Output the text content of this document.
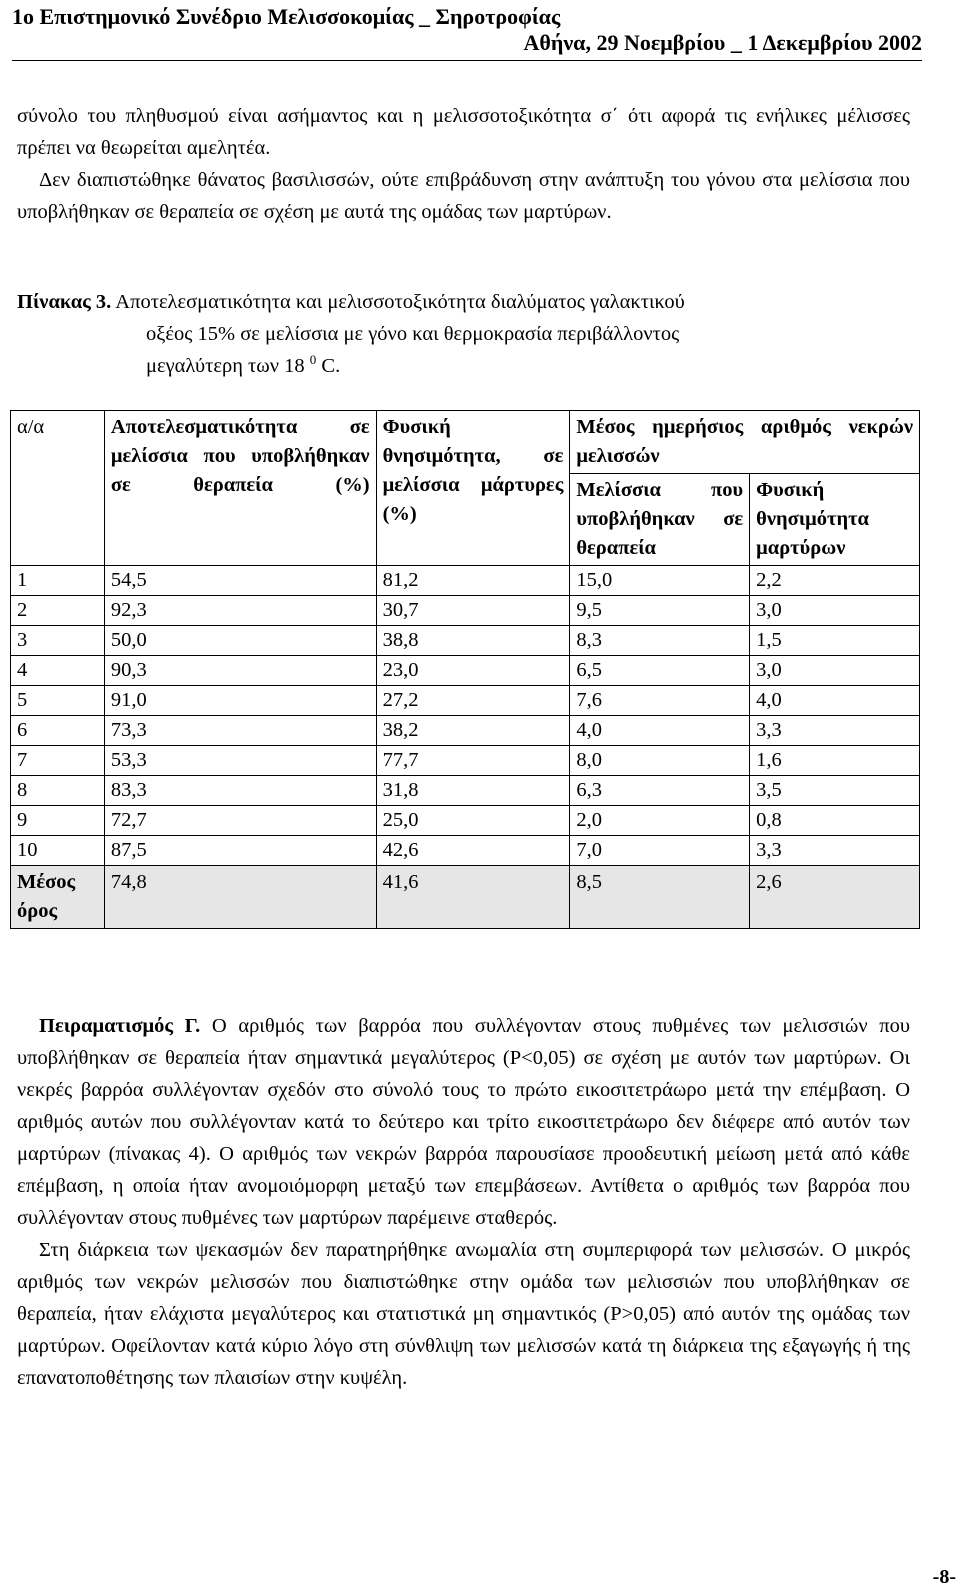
1ο Επιστημονικό Συνέδριο Μελισσοκομίας _ Σηροτροφίας
Αθήνα, 29 Νοεμβρίου _ 1 Δεκεμβρίου 2002
σύνολο του πληθυσμού είναι ασήμαντος και η μελισσοτοξικότητα σ΄ ότι αφορά τις ενήλικες μέλισσες πρέπει να θεωρείται αμελητέα.
Δεν διαπιστώθηκε θάνατος βασιλισσών, ούτε επιβράδυνση στην ανάπτυξη του γόνου στα μελίσσια που υποβλήθηκαν σε θεραπεία σε σχέση με αυτά της ομάδας των μαρτύρων.
Πίνακας 3. Αποτελεσματικότητα και μελισσοτοξικότητα διαλύματος γαλακτικού
οξέος 15% σε μελίσσια με γόνο και θερμοκρασία περιβάλλοντος
μεγαλύτερη των 18 $^0$ C.
α/α	Αποτελεσματικότητα σε μελίσσια που υποβλήθηκαν σε θεραπεία (%)	Φυσική θνησιμότητα, σε μελίσσια μάρτυρες (%)	Μέσος ημερήσιος αριθμός νεκρών μελισσών	
			Μελίσσια που υποβλήθηκαν σε θεραπεία	Φυσική θνησιμότητα μαρτύρων
1	54,5	81,2	15,0	2,2
2	92,3	30,7	9,5	3,0
3	50,0	38,8	8,3	1,5
4	90,3	23,0	6,5	3,0
5	91,0	27,2	7,6	4,0
6	73,3	38,2	4,0	3,3
7	53,3	77,7	8,0	1,6
8	83,3	31,8	6,3	3,5
9	72,7	25,0	2,0	0,8
10	87,5	42,6	7,0	3,3
Μέσος όρος	74,8	41,6	8,5	2,6
Πειραματισμός Γ. Ο αριθμός των βαρρόα που συλλέγονταν στους πυθμένες των μελισσιών που υποβλήθηκαν σε θεραπεία ήταν σημαντικά μεγαλύτερος (P<0,05) σε σχέση με αυτόν των μαρτύρων. Οι νεκρές βαρρόα συλλέγονταν σχεδόν στο σύνολό τους το πρώτο εικοσιτετράωρο μετά την επέμβαση. Ο αριθμός αυτών που συλλέγονταν κατά το δεύτερο και τρίτο εικοσιτετράωρο δεν διέφερε από αυτόν των μαρτύρων (πίνακας 4). Ο αριθμός των νεκρών βαρρόα παρουσίασε προοδευτική μείωση μετά από κάθε επέμβαση, η οποία ήταν ανομοιόμορφη μεταξύ των επεμβάσεων. Αντίθετα ο αριθμός των βαρρόα που συλλέγονταν στους πυθμένες των μαρτύρων παρέμεινε σταθερός.
Στη διάρκεια των ψεκασμών δεν παρατηρήθηκε ανωμαλία στη συμπεριφορά των μελισσών. Ο μικρός αριθμός των νεκρών μελισσών που διαπιστώθηκε στην ομάδα των μελισσιών που υποβλήθηκαν σε θεραπεία, ήταν ελάχιστα μεγαλύτερος και στατιστικά μη σημαντικός (P>0,05) από αυτόν της ομάδας των μαρτύρων. Οφείλονταν κατά κύριο λόγο στη σύνθλιψη των μελισσών κατά τη διάρκεια της εξαγωγής ή της επανατοποθέτησης των πλαισίων στην κυψέλη.
-8-
